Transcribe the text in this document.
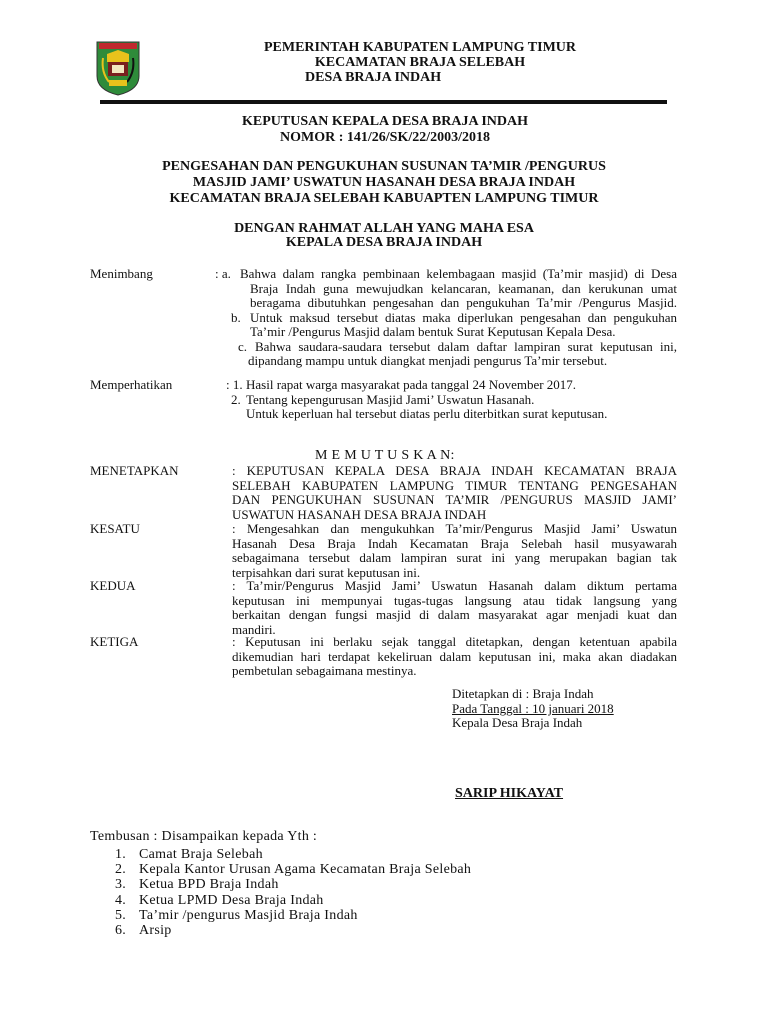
PEMERINTAH KABUPATEN LAMPUNG TIMUR
KECAMATAN BRAJA SELEBAH
DESA BRAJA INDAH
KEPUTUSAN KEPALA DESA BRAJA INDAH
NOMOR : 141/26/SK/22/2003/2018
PENGESAHAN DAN PENGUKUHAN SUSUNAN TA’MIR /PENGURUS
MASJID JAMI’ USWATUN HASANAH DESA BRAJA INDAH
KECAMATAN BRAJA SELEBAH KABUAPTEN LAMPUNG TIMUR
DENGAN RAHMAT ALLAH YANG MAHA ESA
KEPALA DESA BRAJA INDAH
Menimbang	: a. Bahwa dalam rangka pembinaan kelembagaan masjid (Ta’mir masjid) di Desa
Braja Indah guna mewujudkan kelancaran, keamanan, dan kerukunan umat
beragama dibutuhkan pengesahan dan pengukuhan Ta’mir /Pengurus Masjid.
b. Untuk maksud tersebut diatas maka diperlukan pengesahan dan pengukuhan
Ta’mir /Pengurus Masjid dalam bentuk Surat Keputusan Kepala Desa.
c. Bahwa saudara-saudara tersebut dalam daftar lampiran surat keputusan ini,
dipandang mampu untuk diangkat menjadi pengurus Ta’mir tersebut.
Memperhatikan	: 1. Hasil rapat warga masyarakat pada tanggal 24 November 2017.
2. Tentang kepengurusan Masjid Jami’ Uswatun Hasanah.
Untuk keperluan hal tersebut diatas perlu diterbitkan surat keputusan.
M E M U T U S K A N:
MENETAPKAN	: KEPUTUSAN KEPALA DESA BRAJA INDAH KECAMATAN BRAJA
SELEBAH KABUPATEN LAMPUNG TIMUR TENTANG PENGESAHAN
DAN PENGUKUHAN SUSUNAN TA’MIR /PENGURUS MASJID JAMI’
USWATUN HASANAH DESA BRAJA INDAH
KESATU	: Mengesahkan dan mengukuhkan Ta’mir/Pengurus Masjid Jami’ Uswatun
Hasanah Desa Braja Indah Kecamatan Braja Selebah hasil musyawarah
sebagaimana tersebut dalam lampiran surat ini yang merupakan bagian tak
terpisahkan dari surat keputusan ini.
KEDUA	: Ta’mir/Pengurus Masjid Jami’ Uswatun Hasanah dalam diktum pertama
keputusan ini mempunyai tugas-tugas langsung atau tidak langsung yang
berkaitan dengan fungsi masjid di dalam masyarakat agar menjadi kuat dan
mandiri.
KETIGA	: Keputusan ini berlaku sejak tanggal ditetapkan, dengan ketentuan apabila
dikemudian hari terdapat kekeliruan dalam keputusan ini, maka akan diadakan
pembetulan sebagaimana mestinya.
Ditetapkan di : Braja Indah
Pada Tanggal : 10 januari 2018
Kepala Desa Braja Indah
SARIP HIKAYAT
Tembusan : Disampaikan kepada Yth :
1. Camat Braja Selebah
2. Kepala Kantor Urusan Agama Kecamatan Braja Selebah
3. Ketua BPD Braja Indah
4. Ketua LPMD Desa Braja Indah
5. Ta’mir /pengurus Masjid Braja Indah
6. Arsip
